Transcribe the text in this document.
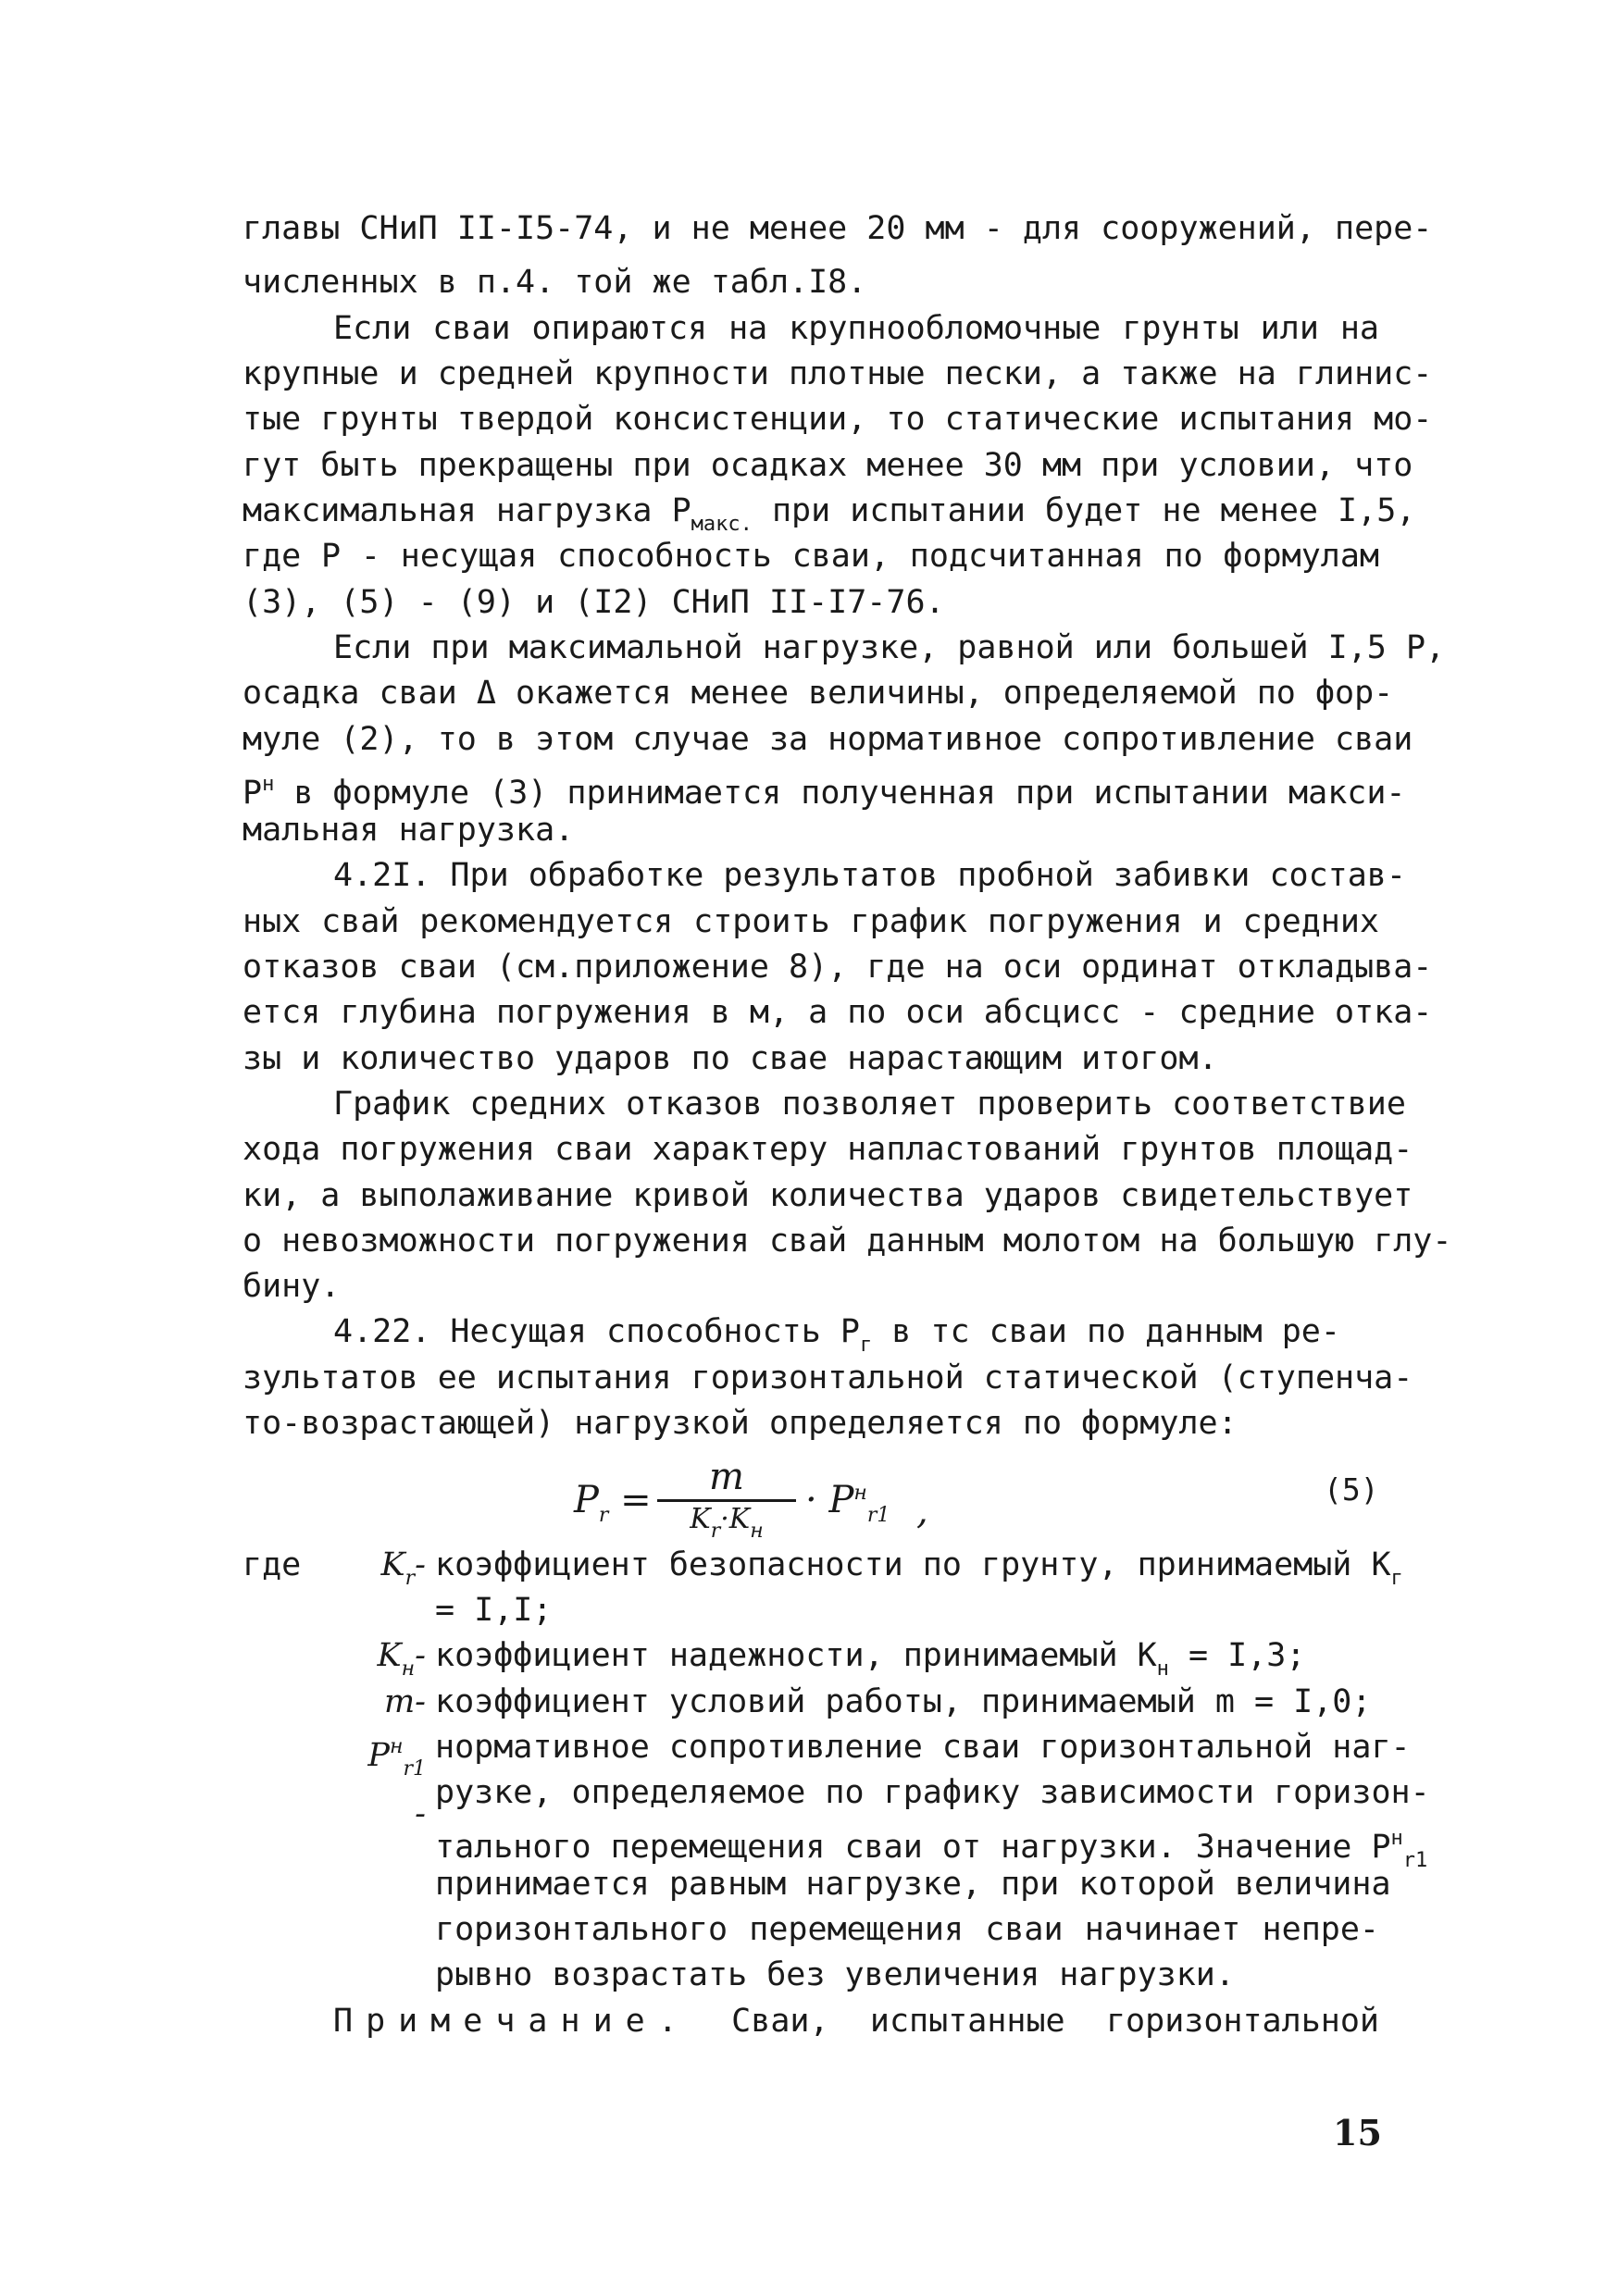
главы СНиП II-I5-74, и не менее 20 мм - для сооружений, пере-
численных в п.4. той же табл.I8.
Если сваи опираются на крупнообломочные грунты или на
крупные и средней крупности плотные пески, а также на глинис-
тые грунты твердой консистенции, то статические испытания мо-
гут быть прекращены при осадках менее 30 мм при условии, что
максимальная нагрузка $P_{макс.}$ при испытании будет не менее I,5,
где P - несущая способность сваи, подсчитанная по формулам
(3), (5) - (9) и (I2) СНиП II-I7-76.
Если при максимальной нагрузке, равной или большей I,5 P,
осадка сваи Δ окажется менее величины, определяемой по фор-
муле (2), то в этом случае за нормативное сопротивление сваи
$P^н$ в формуле (3) принимается полученная при испытании макси-
мальная нагрузка.
4.2I. При обработке результатов пробной забивки состав-
ных свай рекомендуется строить график погружения и средних
отказов сваи (см.приложение 8), где на оси ординат откладыва-
ется глубина погружения в м, а по оси абсцисс - средние отка-
зы и количество ударов по свае нарастающим итогом.
График средних отказов позволяет проверить соответствие
хода погружения сваи характеру напластований грунтов площад-
ки, а выполаживание кривой количества ударов свидетельствует
о невозможности погружения свай данным молотом на большую глу-
бину.
4.22. Несущая способность $P_г$ в тс сваи по данным ре-
зультатов ее испытания горизонтальной статической (ступенча-
то-возрастающей) нагрузкой определяется по формуле:
$P_r$ =
m
$K_r\cdot K_н$
· $P^н_{r1}$ ,
(5)
где	$K_r-$ коэффициент безопасности по грунту, принимаемый $K_г$
= I,I;
$K_н-$ коэффициент надежности, принимаемый $K_н = I,3$;
m- коэффициент условий работы, принимаемый m = I,0;
$P^н_{r1}$ -
нормативное сопротивление сваи горизонтальной наг-
рузке, определяемое по графику зависимости горизон-
тального перемещения сваи от нагрузки. Значение $P^н_{r1}$
принимается равным нагрузке, при которой величина
горизонтального перемещения сваи начинает непре-
рывно возрастать без увеличения нагрузки.
Примечание. Сваи, испытанные горизонтальной
15
